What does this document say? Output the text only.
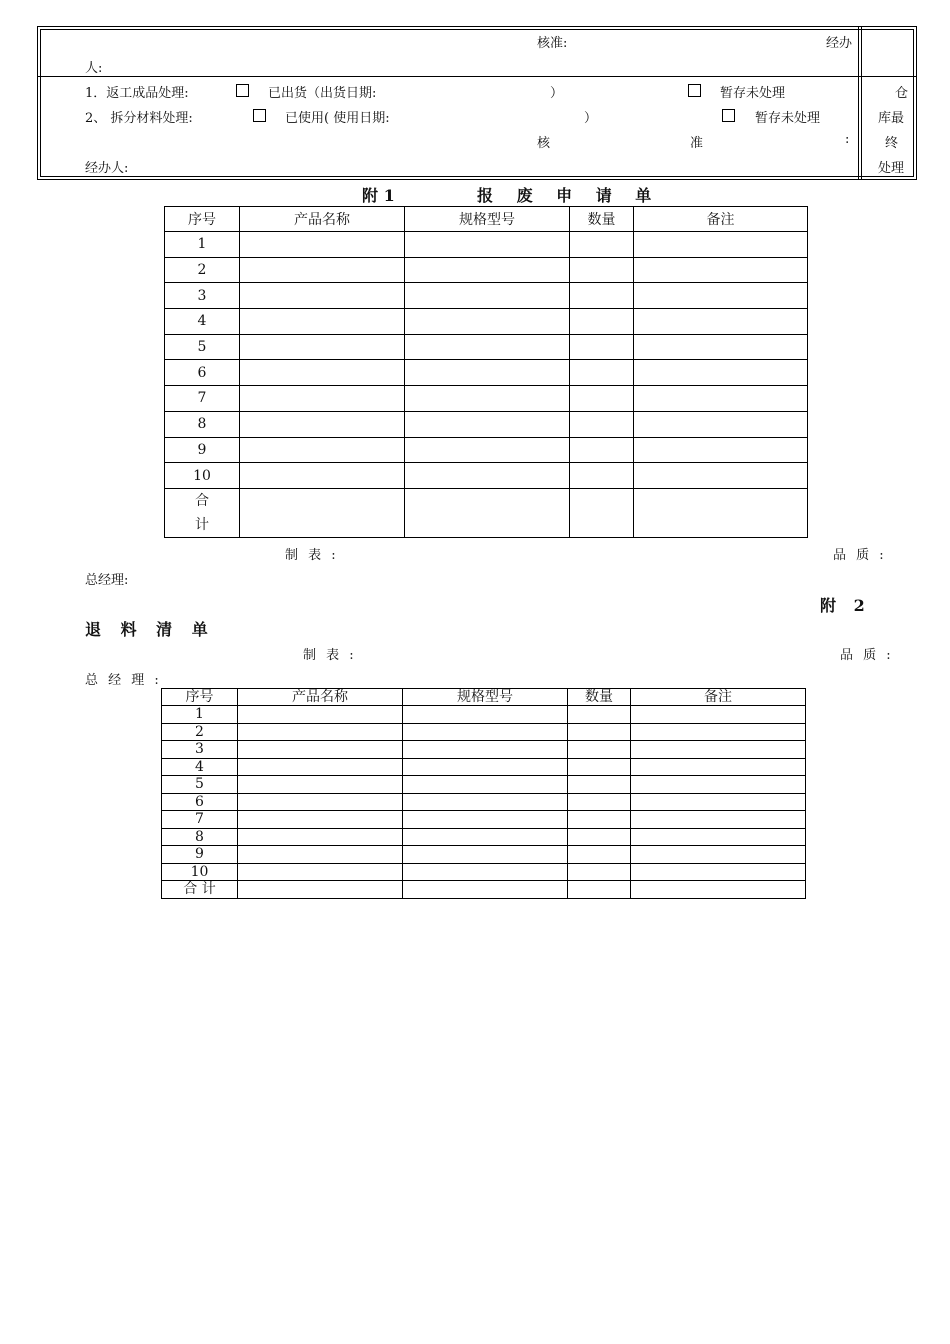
核准:	经办
人:
1．返工成品处理:	已出货（出货日期:	）	暂存未处理
2、 拆分材料处理:	已使用( 使用日期:	）	暂存未处理
核	准	:
经办人:
仓
库最
终
处理
附 1	报 废 申 请 单
序号	产品名称	规格型号	数量	备注
1				
2				
3				
4				
5				
6				
7				
8				
9				
10				
合
计				
制 表 :	品 质 :
总经理:
附 2
退 料 清 单
制 表 :	品 质 :
总 经 理 :
序号	产品名称	规格型号	数量	备注
1				
2				
3				
4				
5				
6				
7				
8				
9				
10				
合 计				
